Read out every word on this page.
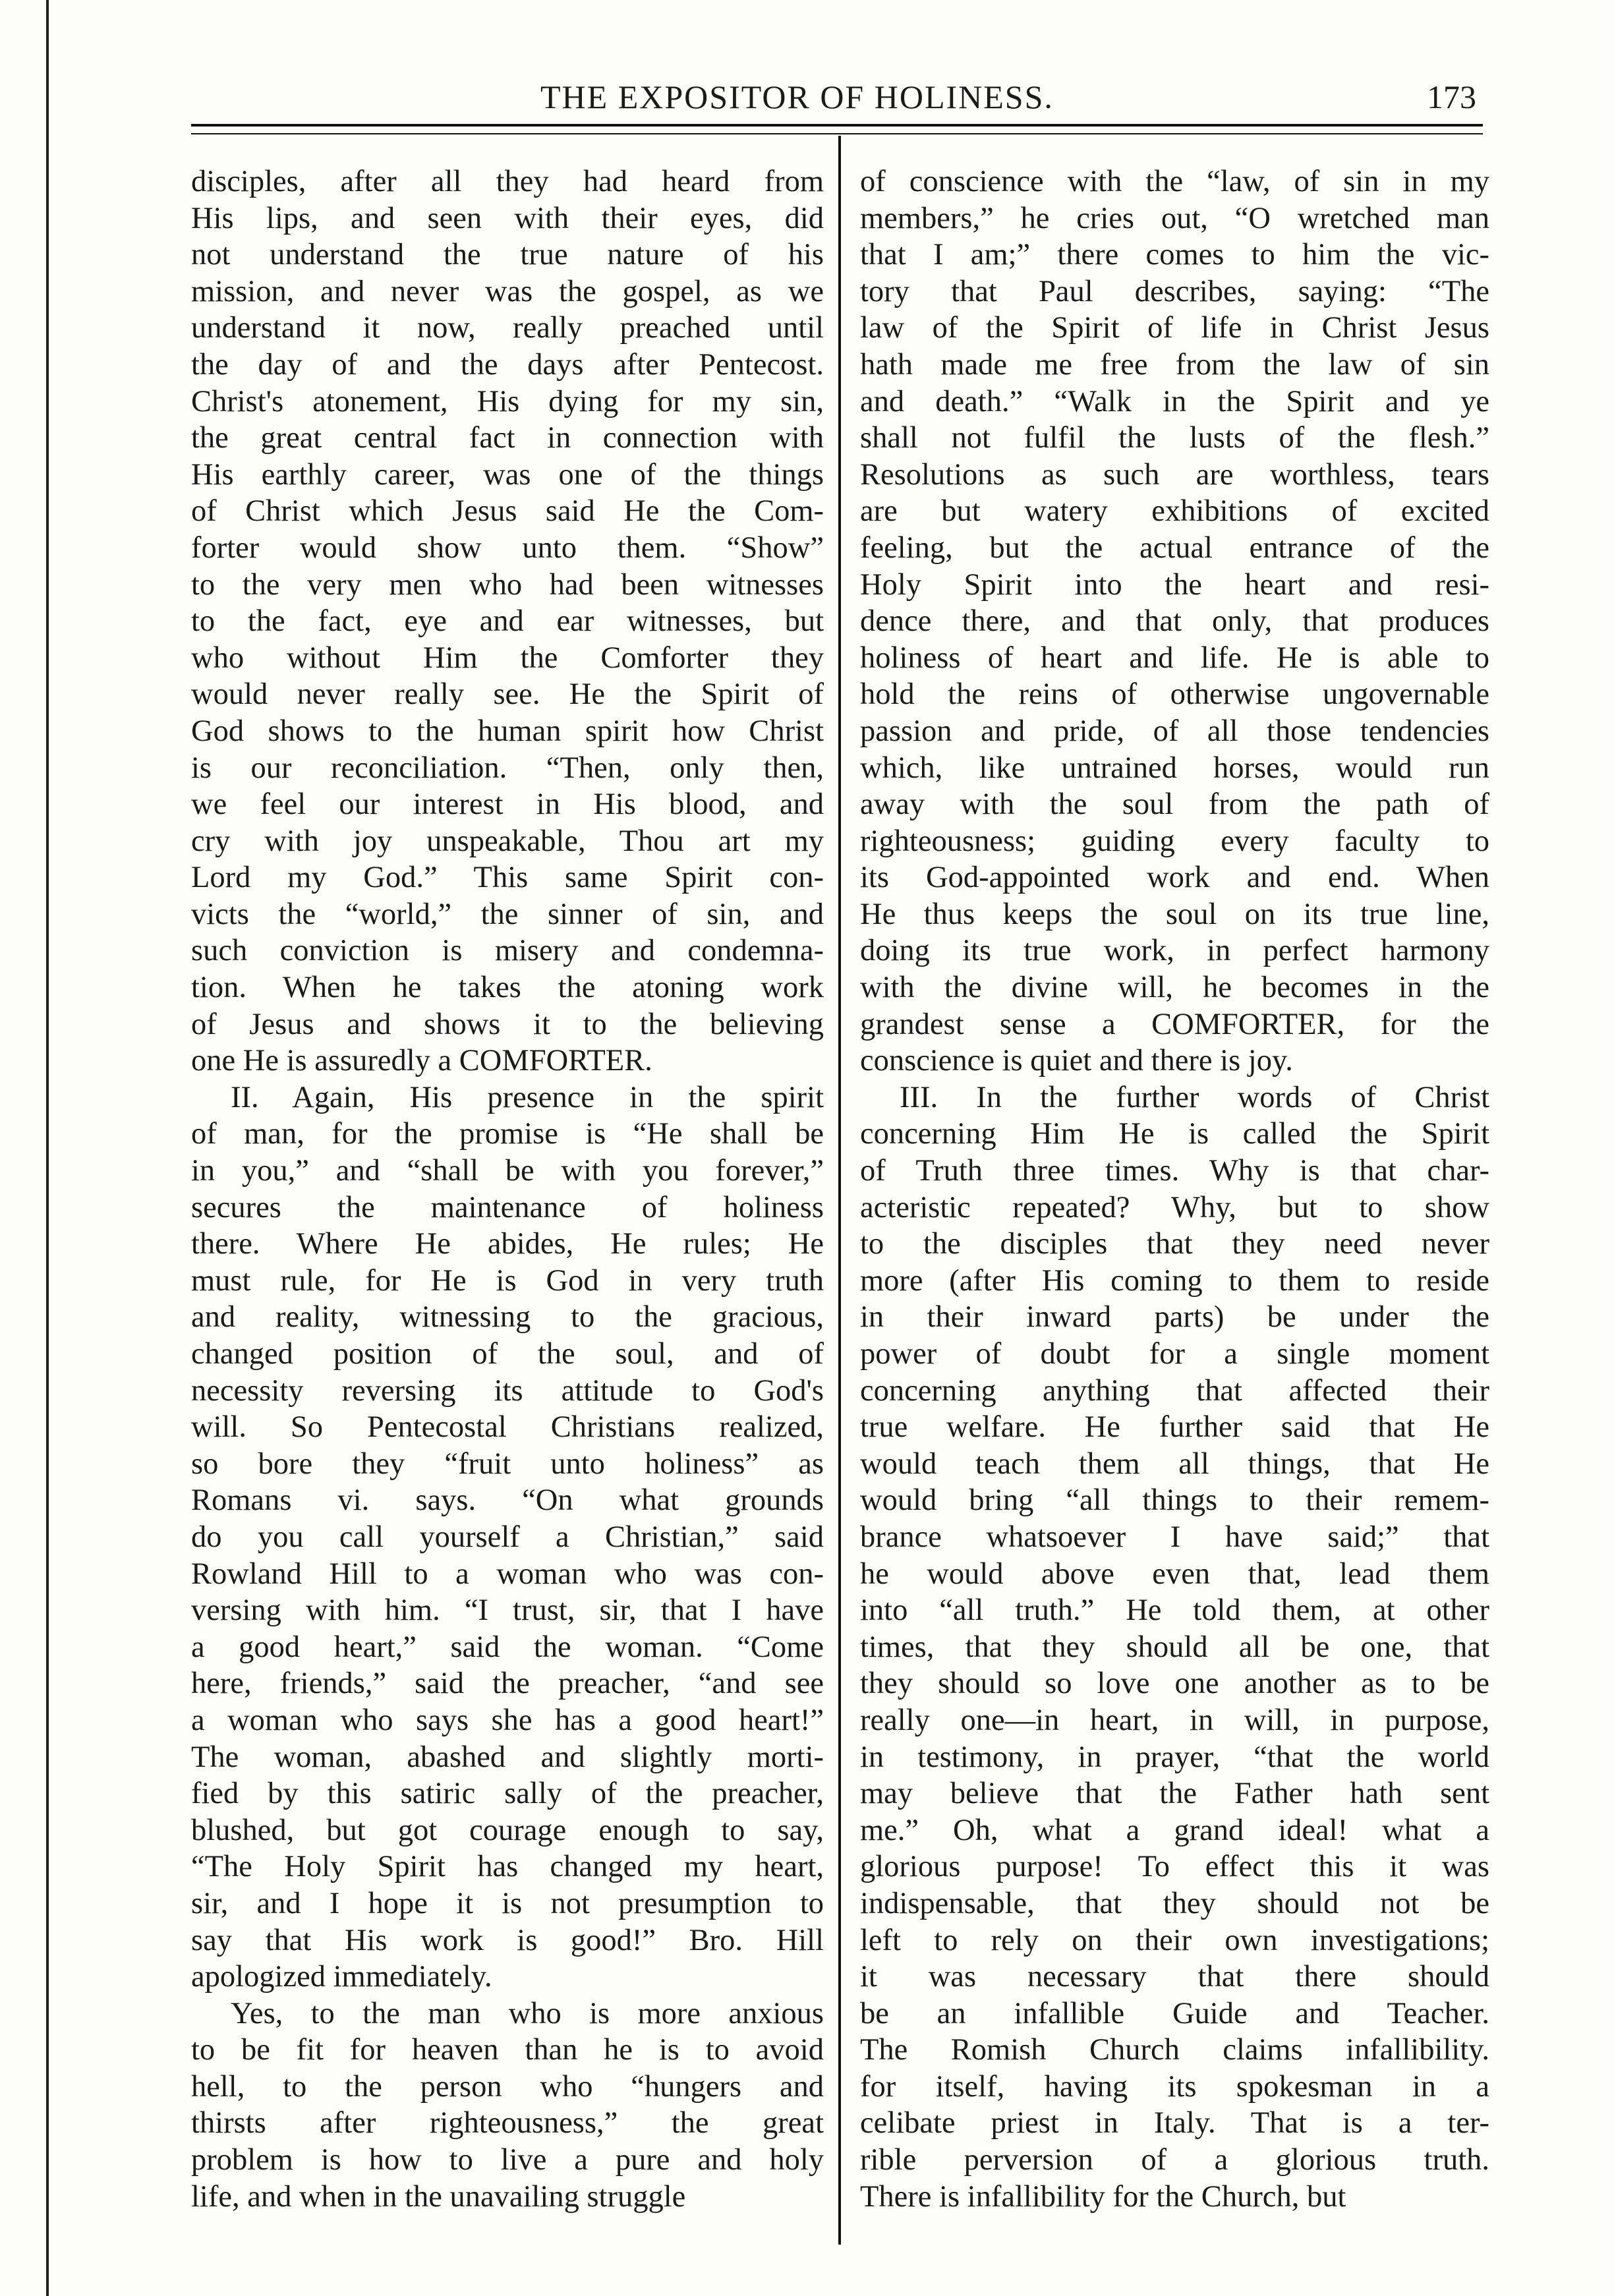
THE EXPOSITOR OF HOLINESS.	173

disciples, after all they had heard from

His lips, and seen with their eyes, did

not understand the true nature of his

mission, and never was the gospel, as we

understand it now, really preached until

the day of and the days after Pentecost.

Christ's atonement, His dying for my sin,

the great central fact in connection with

His earthly career, was one of the things

of Christ which Jesus said He the Com-

forter would show unto them. “Show”

to the very men who had been witnesses

to the fact, eye and ear witnesses, but

who without Him the Comforter they

would never really see. He the Spirit of

God shows to the human spirit how Christ

is our reconciliation. “Then, only then,

we feel our interest in His blood, and

cry with joy unspeakable, Thou art my

Lord my God.” This same Spirit con-

victs the “world,” the sinner of sin, and

such conviction is misery and condemna-

tion. When he takes the atoning work

of Jesus and shows it to the believing

one He is assuredly a COMFORTER.

II. Again, His presence in the spirit

of man, for the promise is “He shall be

in you,” and “shall be with you forever,”

secures the maintenance of holiness

there. Where He abides, He rules; He

must rule, for He is God in very truth

and reality, witnessing to the gracious,

changed position of the soul, and of

necessity reversing its attitude to God's

will. So Pentecostal Christians realized,

so bore they “fruit unto holiness” as

Romans vi. says. “On what grounds

do you call yourself a Christian,” said

Rowland Hill to a woman who was con-

versing with him. “I trust, sir, that I have

a good heart,” said the woman. “Come

here, friends,” said the preacher, “and see

a woman who says she has a good heart!”

The woman, abashed and slightly morti-

fied by this satiric sally of the preacher,

blushed, but got courage enough to say,

“The Holy Spirit has changed my heart,

sir, and I hope it is not presumption to

say that His work is good!” Bro. Hill

apologized immediately.

Yes, to the man who is more anxious

to be fit for heaven than he is to avoid

hell, to the person who “hungers and

thirsts after righteousness,” the great

problem is how to live a pure and holy

life, and when in the unavailing struggle

of conscience with the “law, of sin in my

members,” he cries out, “O wretched man

that I am;” there comes to him the vic-

tory that Paul describes, saying: “The

law of the Spirit of life in Christ Jesus

hath made me free from the law of sin

and death.” “Walk in the Spirit and ye

shall not fulfil the lusts of the flesh.”

Resolutions as such are worthless, tears

are but watery exhibitions of excited

feeling, but the actual entrance of the

Holy Spirit into the heart and resi-

dence there, and that only, that produces

holiness of heart and life. He is able to

hold the reins of otherwise ungovernable

passion and pride, of all those tendencies

which, like untrained horses, would run

away with the soul from the path of

righteousness; guiding every faculty to

its God-appointed work and end. When

He thus keeps the soul on its true line,

doing its true work, in perfect harmony

with the divine will, he becomes in the

grandest sense a COMFORTER, for the

conscience is quiet and there is joy.

III. In the further words of Christ

concerning Him He is called the Spirit

of Truth three times. Why is that char-

acteristic repeated? Why, but to show

to the disciples that they need never

more (after His coming to them to reside

in their inward parts) be under the

power of doubt for a single moment

concerning anything that affected their

true welfare. He further said that He

would teach them all things, that He

would bring “all things to their remem-

brance whatsoever I have said;” that

he would above even that, lead them

into “all truth.” He told them, at other

times, that they should all be one, that

they should so love one another as to be

really one—in heart, in will, in purpose,

in testimony, in prayer, “that the world

may believe that the Father hath sent

me.” Oh, what a grand ideal! what a

glorious purpose! To effect this it was

indispensable, that they should not be

left to rely on their own investigations;

it was necessary that there should

be an infallible Guide and Teacher.

The Romish Church claims infallibility.

for itself, having its spokesman in a

celibate priest in Italy. That is a ter-

rible perversion of a glorious truth.

There is infallibility for the Church, but
